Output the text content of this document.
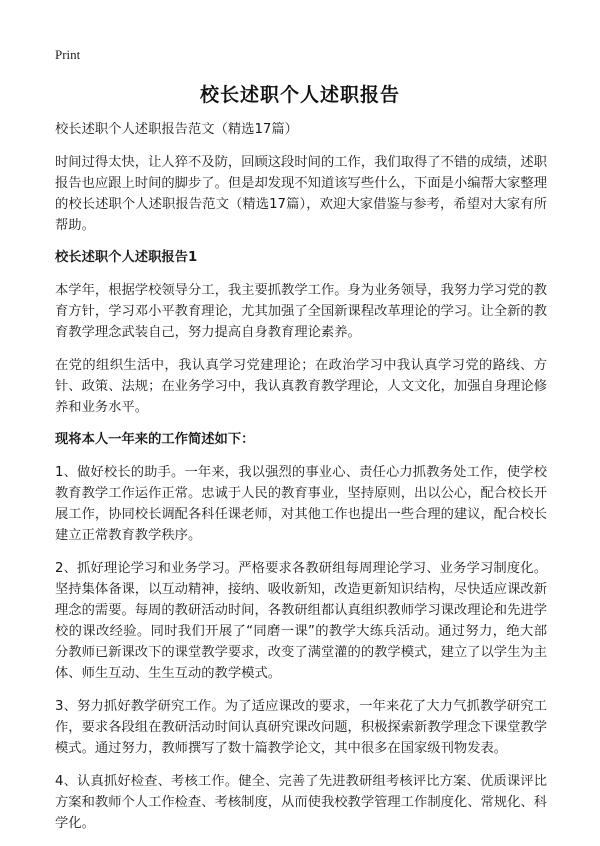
Print
校长述职个人述职报告
校长述职个人述职报告范文（精选17篇）

时间过得太快，让人猝不及防，回顾这段时间的工作，我们取得了不错的成绩，述职报告也应跟上时间的脚步了。但是却发现不知道该写些什么，下面是小编帮大家整理的校长述职个人述职报告范文（精选17篇），欢迎大家借鉴与参考，希望对大家有所帮助。

校长述职个人述职报告1

本学年，根据学校领导分工，我主要抓教学工作。身为业务领导，我努力学习党的教育方针，学习邓小平教育理论，尤其加强了全国新课程改革理论的学习。让全新的教育教学理念武装自己，努力提高自身教育理论素养。

在党的组织生活中，我认真学习党建理论；在政治学习中我认真学习党的路线、方针、政策、法规；在业务学习中，我认真教育教学理论，人文文化，加强自身理论修养和业务水平。

现将本人一年来的工作简述如下：

1、做好校长的助手。一年来，我以强烈的事业心、责任心力抓教务处工作，使学校教育教学工作运作正常。忠诚于人民的教育事业，坚持原则，出以公心，配合校长开展工作，协同校长调配各科任课老师，对其他工作也提出一些合理的建议，配合校长建立正常教育教学秩序。

2、抓好理论学习和业务学习。严格要求各教研组每周理论学习、业务学习制度化。坚持集体备课，以互动精神，接纳、吸收新知，改造更新知识结构，尽快适应课改新理念的需要。每周的教研活动时间，各教研组都认真组织教师学习课改理论和先进学校的课改经验。同时我们开展了“同磨一课”的教学大练兵活动。通过努力，绝大部分教师已新课改下的课堂教学要求，改变了满堂灌的的教学模式，建立了以学生为主体、师生互动、生生互动的教学模式。

3、努力抓好教学研究工作。为了适应课改的要求，一年来花了大力气抓教学研究工作，要求各段组在教研活动时间认真研究课改问题，积极探索新教学理念下课堂教学模式。通过努力，教师撰写了数十篇教学论文，其中很多在国家级刊物发表。

4、认真抓好检查、考核工作。健全、完善了先进教研组考核评比方案、优质课评比方案和教师个人工作检查、考核制度，从而使我校教学管理工作制度化、常规化、科学化。
